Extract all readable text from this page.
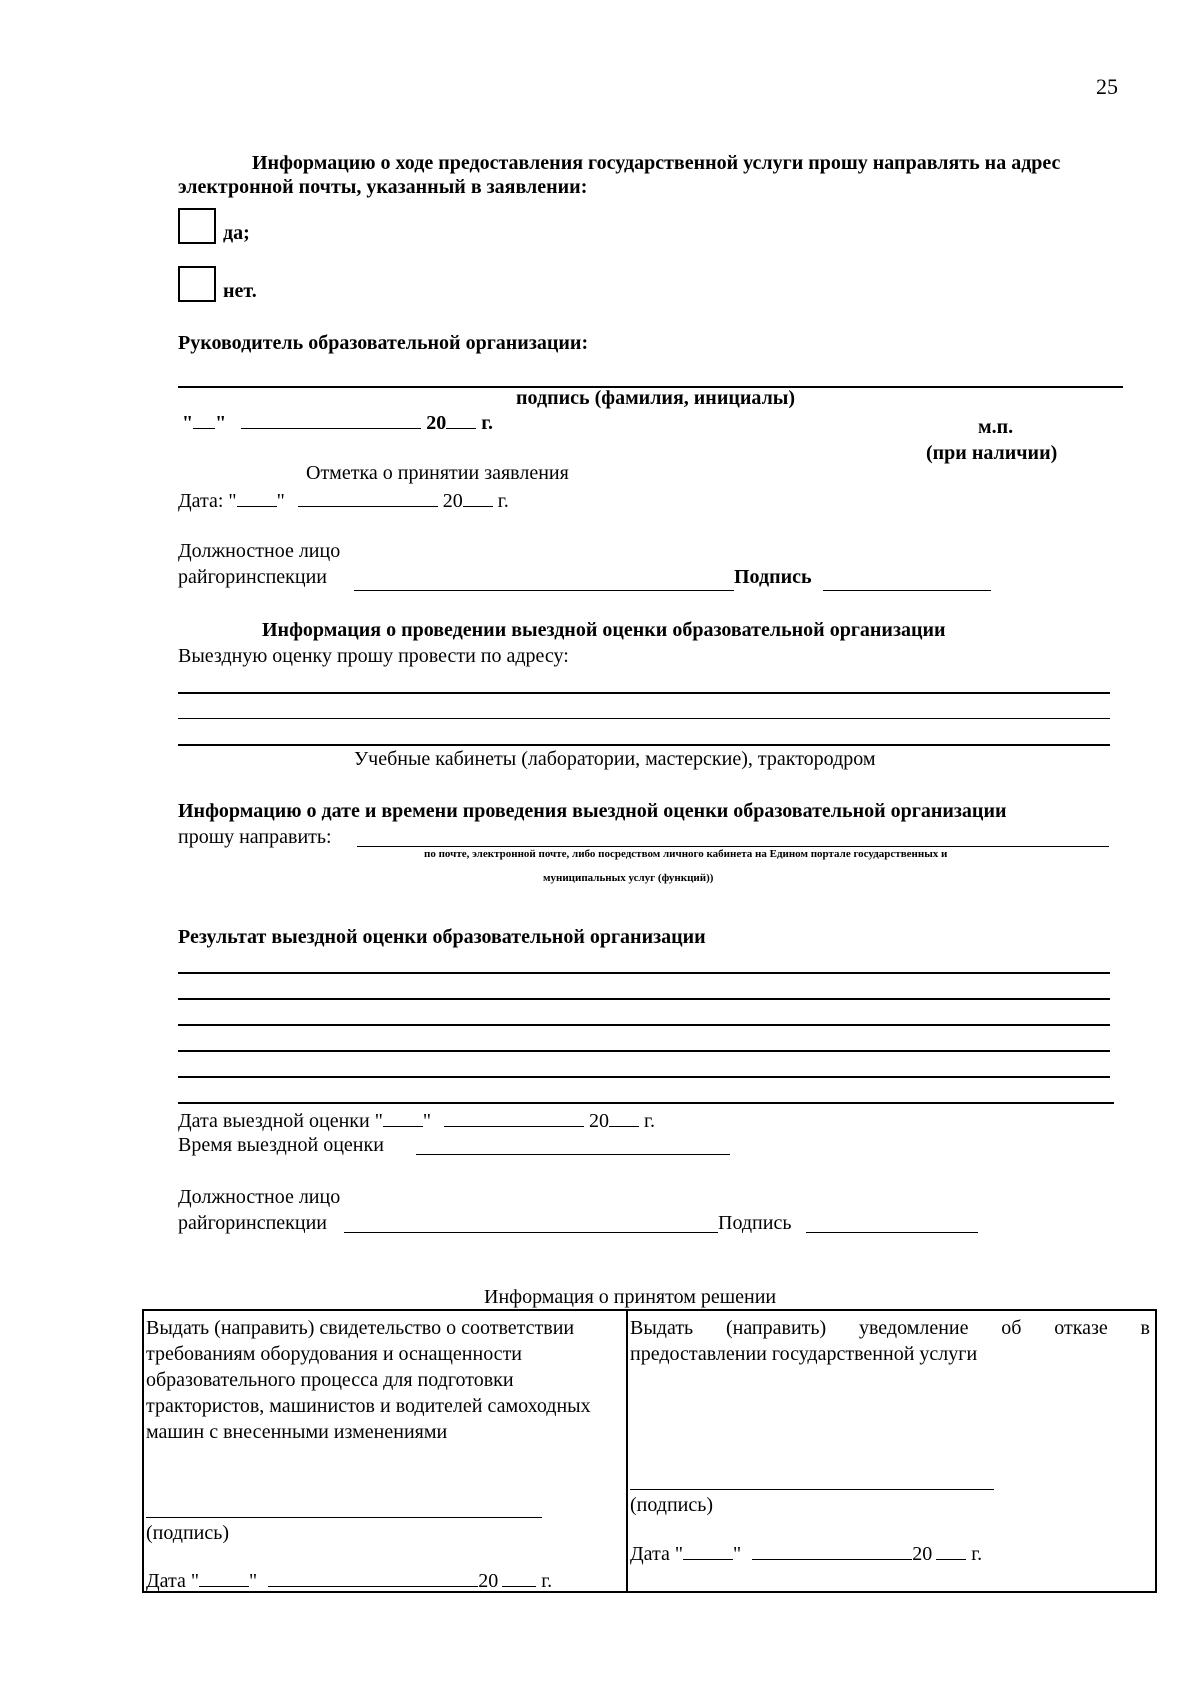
25
Информацию о ходе предоставления государственной услуги прошу направлять на адрес
электронной почты, указанный в заявлении:
да;
нет.
Руководитель образовательной организации:
подпись (фамилия, инициалы)
" "	20 г.	м.п.
(при наличии)
Отметка о принятии заявления
Дата: " "	20 г.
Должностное лицо
райгоринспекции	Подпись
Информация о проведении выездной оценки образовательной организации
Выездную оценку прошу провести по адресу:
Учебные кабинеты (лаборатории, мастерские), трактородром
Информацию о дате и времени проведения выездной оценки образовательной организации
прошу направить:
по почте, электронной почте, либо посредством личного кабинета на Едином портале государственных и
муниципальных услуг (функций))
Результат выездной оценки образовательной организации
Дата выездной оценки " "	20 г.
Время выездной оценки
Должностное лицо
райгоринспекции	Подпись
Информация о принятом решении
Выдать (направить) свидетельство о соответствии требованиям оборудования и оснащенности образовательного процесса для подготовки трактористов, машинистов и водителей самоходных машин с внесенными изменениями
(подпись)
Дата "	"	20 г.
Выдать (направить) уведомление об отказе в предоставлении государственной услуги
(подпись)
Дата "	"	20 г.
